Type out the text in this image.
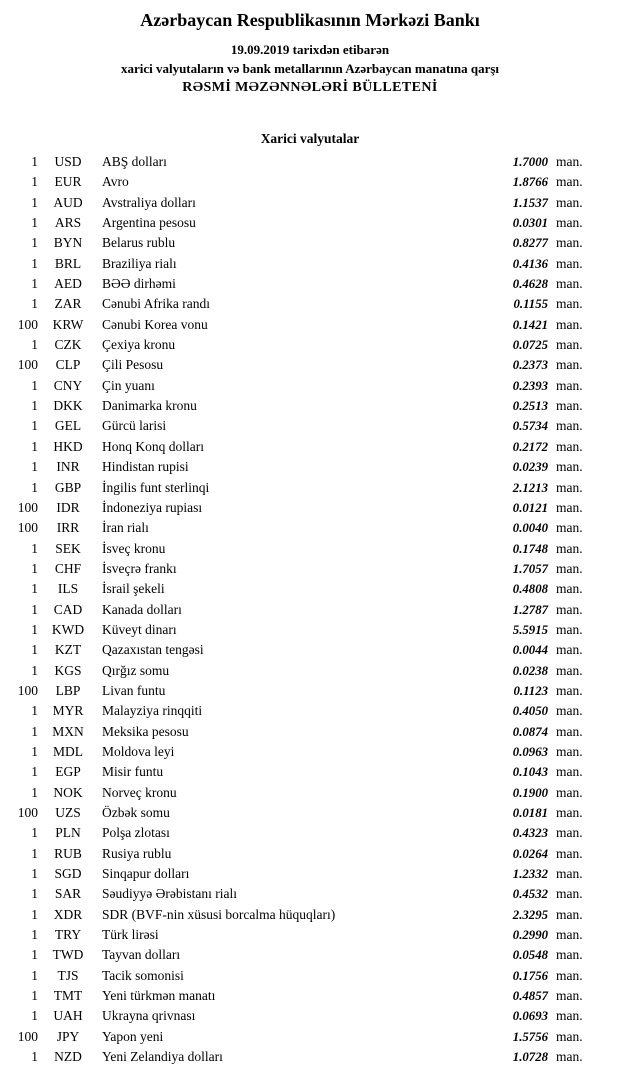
Azərbaycan Respublikasının Mərkəzi Bankı
19.09.2019 tarixdən etibarən
xarici valyutaların və bank metallarının Azərbaycan manatına qarşı
RƏSMİ MƏZƏNNƏLƏRİ BÜLLETENİ
Xarici valyutalar
1	USD	ABŞ dolları	1.7000 man.
1	EUR	Avro	1.8766 man.
1	AUD	Avstraliya dolları	1.1537 man.
1	ARS	Argentina pesosu	0.0301 man.
1	BYN	Belarus rublu	0.8277 man.
1	BRL	Braziliya rialı	0.4136 man.
1	AED	BƏƏ dirhəmi	0.4628 man.
1	ZAR	Cənubi Afrika randı	0.1155 man.
100	KRW	Cənubi Korea vonu	0.1421 man.
1	CZK	Çexiya kronu	0.0725 man.
100	CLP	Çili Pesosu	0.2373 man.
1	CNY	Çin yuanı	0.2393 man.
1	DKK	Danimarka kronu	0.2513 man.
1	GEL	Gürcü larisi	0.5734 man.
1	HKD	Honq Konq dolları	0.2172 man.
1	INR	Hindistan rupisi	0.0239 man.
1	GBP	İngilis funt sterlinqi	2.1213 man.
100	IDR	İndoneziya rupiası	0.0121 man.
100	IRR	İran rialı	0.0040 man.
1	SEK	İsveç kronu	0.1748 man.
1	CHF	İsveçrə frankı	1.7057 man.
1	ILS	İsrail şekeli	0.4808 man.
1	CAD	Kanada dolları	1.2787 man.
1	KWD	Küveyt dinarı	5.5915 man.
1	KZT	Qazaxıstan tengəsi	0.0044 man.
1	KGS	Qırğız somu	0.0238 man.
100	LBP	Livan funtu	0.1123 man.
1	MYR	Malayziya rinqqiti	0.4050 man.
1	MXN	Meksika pesosu	0.0874 man.
1	MDL	Moldova leyi	0.0963 man.
1	EGP	Misir funtu	0.1043 man.
1	NOK	Norveç kronu	0.1900 man.
100	UZS	Özbək somu	0.0181 man.
1	PLN	Polşa zlotası	0.4323 man.
1	RUB	Rusiya rublu	0.0264 man.
1	SGD	Sinqapur dolları	1.2332 man.
1	SAR	Səudiyyə Ərəbistanı rialı	0.4532 man.
1	XDR	SDR (BVF-nin xüsusi borcalma hüquqları)	2.3295 man.
1	TRY	Türk lirəsi	0.2990 man.
1	TWD	Tayvan dolları	0.0548 man.
1	TJS	Tacik somonisi	0.1756 man.
1	TMT	Yeni türkmən manatı	0.4857 man.
1	UAH	Ukrayna qrivnası	0.0693 man.
100	JPY	Yapon yeni	1.5756 man.
1	NZD	Yeni Zelandiya dolları	1.0728 man.
